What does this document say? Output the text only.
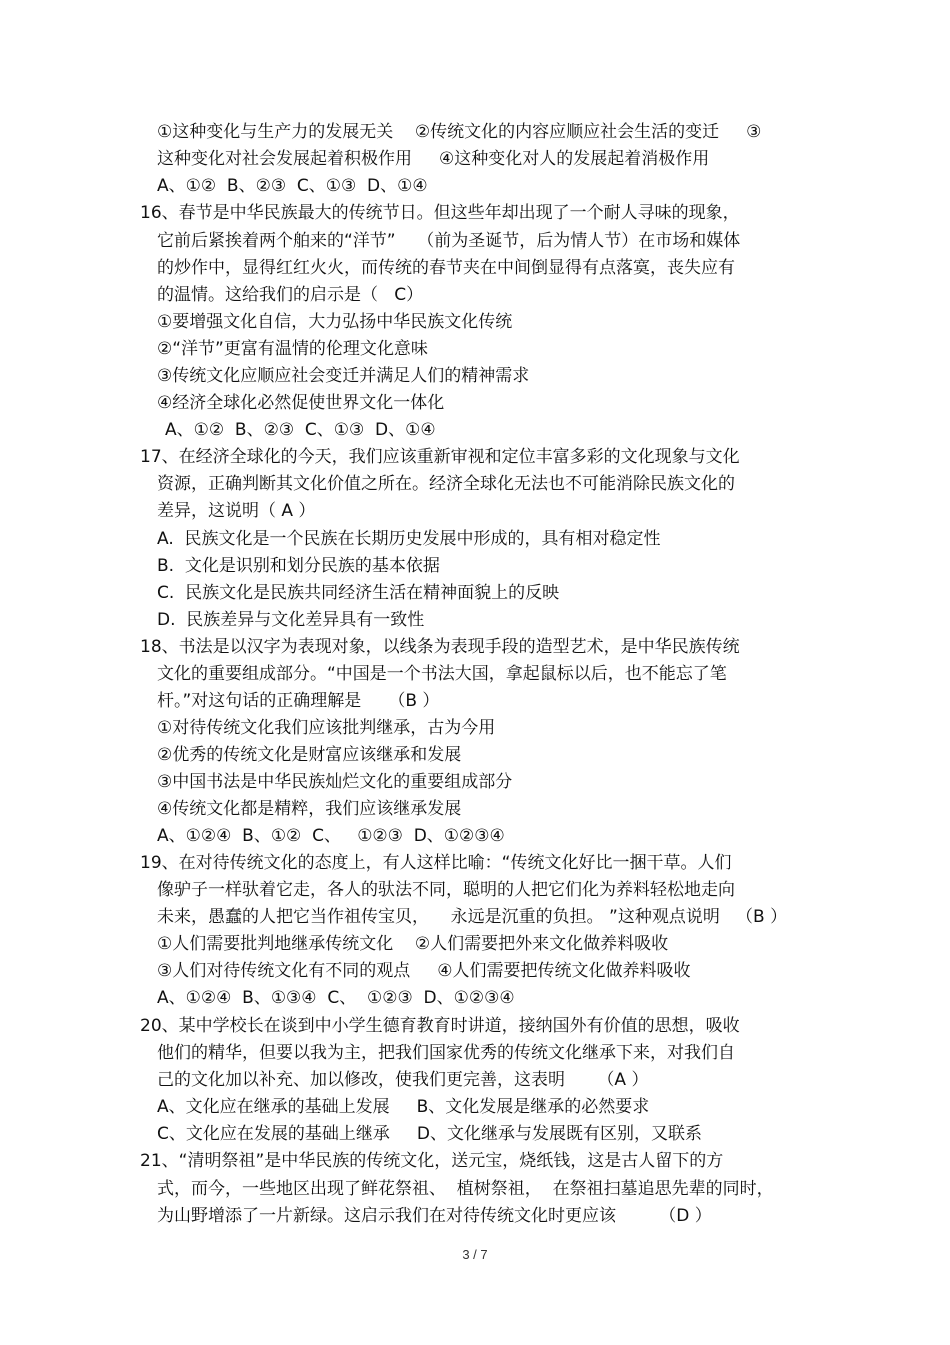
①这种变化与生产力的发展无关    ②传统文化的内容应顺应社会生活的变迁     ③
这种变化对社会发展起着积极作用     ④这种变化对人的发展起着消极作用
A、①②  B、②③  C、①③  D、①④
16、春节是中华民族最大的传统节日。但这些年却出现了一个耐人寻味的现象，
它前后紧挨着两个舶来的“洋节”    （前为圣诞节，后为情人节）在市场和媒体
的炒作中，显得红红火火，而传统的春节夹在中间倒显得有点落寞，丧失应有
的温情。这给我们的启示是（   C）
①要增强文化自信，大力弘扬中华民族文化传统
②“洋节”更富有温情的伦理文化意味
③传统文化应顺应社会变迁并满足人们的精神需求
④经济全球化必然促使世界文化一体化
A、①②  B、②③  C、①③  D、①④
17、在经济全球化的今天，我们应该重新审视和定位丰富多彩的文化现象与文化
资源，正确判断其文化价值之所在。经济全球化无法也不可能消除民族文化的
差异，这说明（ A ）
A.  民族文化是一个民族在长期历史发展中形成的，具有相对稳定性
B.  文化是识别和划分民族的基本依据
C.  民族文化是民族共同经济生活在精神面貌上的反映
D.  民族差异与文化差异具有一致性
18、书法是以汉字为表现对象，以线条为表现手段的造型艺术，是中华民族传统
文化的重要组成部分。“中国是一个书法大国，拿起鼠标以后，也不能忘了笔
杆。”对这句话的正确理解是     （B ）
①对待传统文化我们应该批判继承，古为今用
②优秀的传统文化是财富应该继承和发展
③中国书法是中华民族灿烂文化的重要组成部分
④传统文化都是精粹，我们应该继承发展
A、①②④  B、①②  C、   ①②③  D、①②③④
19、在对待传统文化的态度上，有人这样比喻：“传统文化好比一捆干草。人们
像驴子一样驮着它走，各人的驮法不同，聪明的人把它们化为养料轻松地走向
未来，愚蠢的人把它当作祖传宝贝，    永远是沉重的负担。 ”这种观点说明   （B ）
①人们需要批判地继承传统文化    ②人们需要把外来文化做养料吸收
③人们对待传统文化有不同的观点     ④人们需要把传统文化做养料吸收
A、①②④  B、①③④  C、  ①②③  D、①②③④
20、某中学校长在谈到中小学生德育教育时讲道，接纳国外有价值的思想，吸收
他们的精华，但要以我为主，把我们国家优秀的传统文化继承下来，对我们自
己的文化加以补充、加以修改，使我们更完善，这表明      （A ）
A、文化应在继承的基础上发展     B、文化发展是继承的必然要求
C、文化应在发展的基础上继承     D、文化继承与发展既有区别，又联系
21、“清明祭祖”是中华民族的传统文化，送元宝，烧纸钱，这是古人留下的方
式，而今，一些地区出现了鲜花祭祖、  植树祭祖，  在祭祖扫墓追思先辈的同时，
为山野增添了一片新绿。这启示我们在对待传统文化时更应该        （D ）
3 / 7
